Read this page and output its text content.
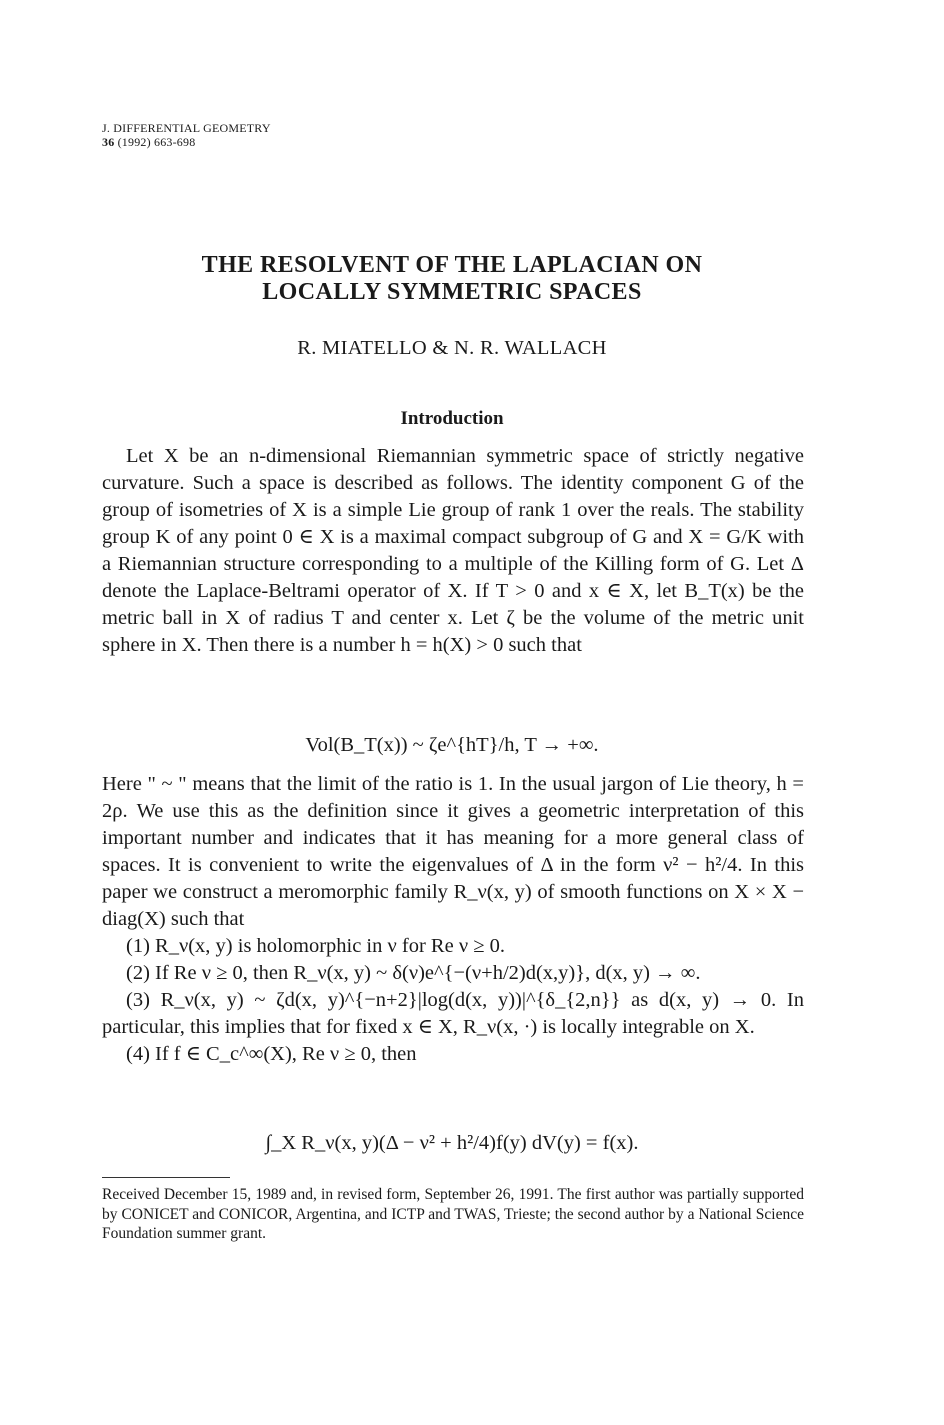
J. DIFFERENTIAL GEOMETRY
36 (1992) 663-698
THE RESOLVENT OF THE LAPLACIAN ON
LOCALLY SYMMETRIC SPACES
R. MIATELLO & N. R. WALLACH
Introduction

Let X be an n-dimensional Riemannian symmetric space of strictly negative curvature. Such a space is described as follows. The identity component G of the group of isometries of X is a simple Lie group of rank 1 over the reals. The stability group K of any point 0 ∈ X is a maximal compact subgroup of G and X = G/K with a Riemannian structure corresponding to a multiple of the Killing form of G. Let Δ denote the Laplace-Beltrami operator of X. If T > 0 and x ∈ X, let B_T(x) be the metric ball in X of radius T and center x. Let ζ be the volume of the metric unit sphere in X. Then there is a number h = h(X) > 0 such that

Vol(B_T(x)) ~ ζe^{hT}/h, T → +∞.

Here " ~ " means that the limit of the ratio is 1. In the usual jargon of Lie theory, h = 2ρ. We use this as the definition since it gives a geometric interpretation of this important number and indicates that it has meaning for a more general class of spaces. It is convenient to write the eigenvalues of Δ in the form ν² − h²/4. In this paper we construct a meromorphic family R_ν(x, y) of smooth functions on X × X − diag(X) such that

(1) R_ν(x, y) is holomorphic in ν for Re ν ≥ 0.

(2) If Re ν ≥ 0, then R_ν(x, y) ~ δ(ν)e^{−(ν+h/2)d(x,y)}, d(x, y) → ∞.

(3) R_ν(x, y) ~ ζd(x, y)^{−n+2}|log(d(x, y))|^{δ_{2,n}} as d(x, y) → 0. In particular, this implies that for fixed x ∈ X, R_ν(x, ·) is locally integrable on X.

(4) If f ∈ C_c^∞(X), Re ν ≥ 0, then

∫_X R_ν(x, y)(Δ − ν² + h²/4)f(y) dV(y) = f(x).
Received December 15, 1989 and, in revised form, September 26, 1991. The first author was partially supported by CONICET and CONICOR, Argentina, and ICTP and TWAS, Trieste; the second author by a National Science Foundation summer grant.
